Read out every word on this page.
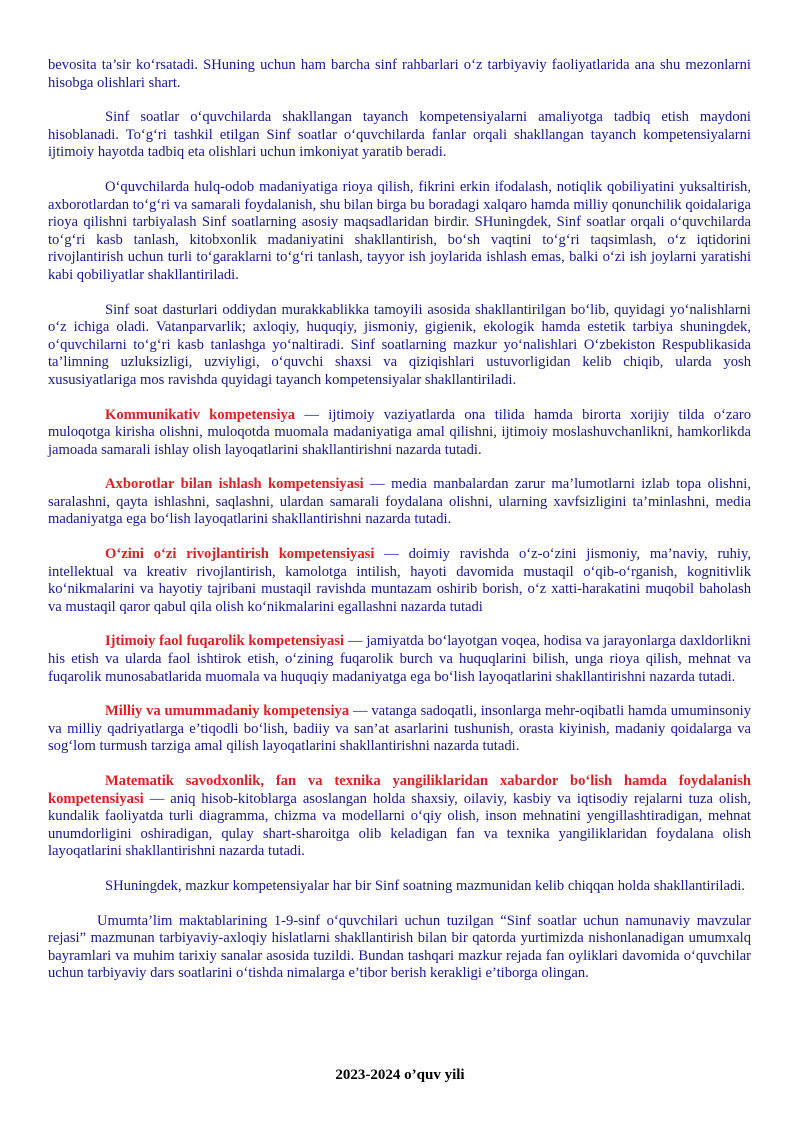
bevosita ta’sir ko‘rsatadi. SHuning uchun ham barcha sinf rahbarlari o‘z tarbiyaviy faoliyatlarida ana shu mezonlarni hisobga olishlari shart.

Sinf soatlar o‘quvchilarda shakllangan tayanch kompetensiyalarni amaliyotga tadbiq etish maydoni hisoblanadi. To‘g‘ri tashkil etilgan Sinf soatlar o‘quvchilarda fanlar orqali shakllangan tayanch kompetensiyalarni ijtimoiy hayotda tadbiq eta olishlari uchun imkoniyat yaratib beradi.

O‘quvchilarda hulq-odob madaniyatiga rioya qilish, fikrini erkin ifodalash, notiqlik qobiliyatini yuksaltirish, axborotlardan to‘g‘ri va samarali foydalanish, shu bilan birga bu boradagi xalqaro hamda milliy qonunchilik qoidalariga rioya qilishni tarbiyalash Sinf soatlarning asosiy maqsadlaridan birdir. SHuningdek, Sinf soatlar orqali o‘quvchilarda to‘g‘ri kasb tanlash, kitobxonlik madaniyatini shakllantirish, bo‘sh vaqtini to‘g‘ri taqsimlash, o‘z iqtidorini rivojlantirish uchun turli to‘garaklarni to‘g‘ri tanlash, tayyor ish joylarida ishlash emas, balki o‘zi ish joylarni yaratishi kabi qobiliyatlar shakllantiriladi.

Sinf soat dasturlari oddiydan murakkablikka tamoyili asosida shakllantirilgan bo‘lib, quyidagi yo‘nalishlarni o‘z ichiga oladi. Vatanparvarlik; axloqiy, huquqiy, jismoniy, gigienik, ekologik hamda estetik tarbiya shuningdek, o‘quvchilarni to‘g‘ri kasb tanlashga yo‘naltiradi. Sinf soatlarning mazkur yo‘nalishlari O‘zbekiston Respublikasida ta’limning uzluksizligi, uzviyligi, o‘quvchi shaxsi va qiziqishlari ustuvorligidan kelib chiqib, ularda yosh xususiyatlariga mos ravishda quyidagi tayanch kompetensiyalar shakllantiriladi.

Kommunikativ kompetensiya — ijtimoiy vaziyatlarda ona tilida hamda birorta xorijiy tilda o‘zaro muloqotga kirisha olishni, muloqotda muomala madaniyatiga amal qilishni, ijtimoiy moslashuvchanlikni, hamkorlikda jamoada samarali ishlay olish layoqatlarini shakllantirishni nazarda tutadi.

Axborotlar bilan ishlash kompetensiyasi — media manbalardan zarur ma’lumotlarni izlab topa olishni, saralashni, qayta ishlashni, saqlashni, ulardan samarali foydalana olishni, ularning xavfsizligini ta’minlashni, media madaniyatga ega bo‘lish layoqatlarini shakllantirishni nazarda tutadi.

O‘zini o‘zi rivojlantirish kompetensiyasi — doimiy ravishda o‘z-o‘zini jismoniy, ma’naviy, ruhiy, intellektual va kreativ rivojlantirish, kamolotga intilish, hayoti davomida mustaqil o‘qib-o‘rganish, kognitivlik ko‘nikmalarini va hayotiy tajribani mustaqil ravishda muntazam oshirib borish, o‘z xatti-harakatini muqobil baholash va mustaqil qaror qabul qila olish ko‘nikmalarini egallashni nazarda tutadi

Ijtimoiy faol fuqarolik kompetensiyasi — jamiyatda bo‘layotgan voqea, hodisa va jarayonlarga daxldorlikni his etish va ularda faol ishtirok etish, o‘zining fuqarolik burch va huquqlarini bilish, unga rioya qilish, mehnat va fuqarolik munosabatlarida muomala va huquqiy madaniyatga ega bo‘lish layoqatlarini shakllantirishni nazarda tutadi.

Milliy va umummadaniy kompetensiya — vatanga sadoqatli, insonlarga mehr-oqibatli hamda umuminsoniy va milliy qadriyatlarga e’tiqodli bo‘lish, badiiy va san’at asarlarini tushunish, orasta kiyinish, madaniy qoidalarga va sog‘lom turmush tarziga amal qilish layoqatlarini shakllantirishni nazarda tutadi.

Matematik savodxonlik, fan va texnika yangiliklaridan xabardor bo‘lish hamda foydalanish kompetensiyasi — aniq hisob-kitoblarga asoslangan holda shaxsiy, oilaviy, kasbiy va iqtisodiy rejalarni tuza olish, kundalik faoliyatda turli diagramma, chizma va modellarni o‘qiy olish, inson mehnatini yengillashtiradigan, mehnat unumdorligini oshiradigan, qulay shart-sharoitga olib keladigan fan va texnika yangiliklaridan foydalana olish layoqatlarini shakllantirishni nazarda tutadi.

SHuningdek, mazkur kompetensiyalar har bir Sinf soatning mazmunidan kelib chiqqan holda shakllantiriladi.

Umumta’lim maktablarining 1-9-sinf o‘quvchilari uchun tuzilgan “Sinf soatlar uchun namunaviy mavzular rejasi” mazmunan tarbiyaviy-axloqiy hislatlarni shakllantirish bilan bir qatorda yurtimizda nishonlanadigan umumxalq bayramlari va muhim tarixiy sanalar asosida tuzildi. Bundan tashqari mazkur rejada fan oyliklari davomida o‘quvchilar uchun tarbiyaviy dars soatlarini o‘tishda nimalarga e’tibor berish kerakligi e’tiborga olingan.

2023-2024 o’quv yili
